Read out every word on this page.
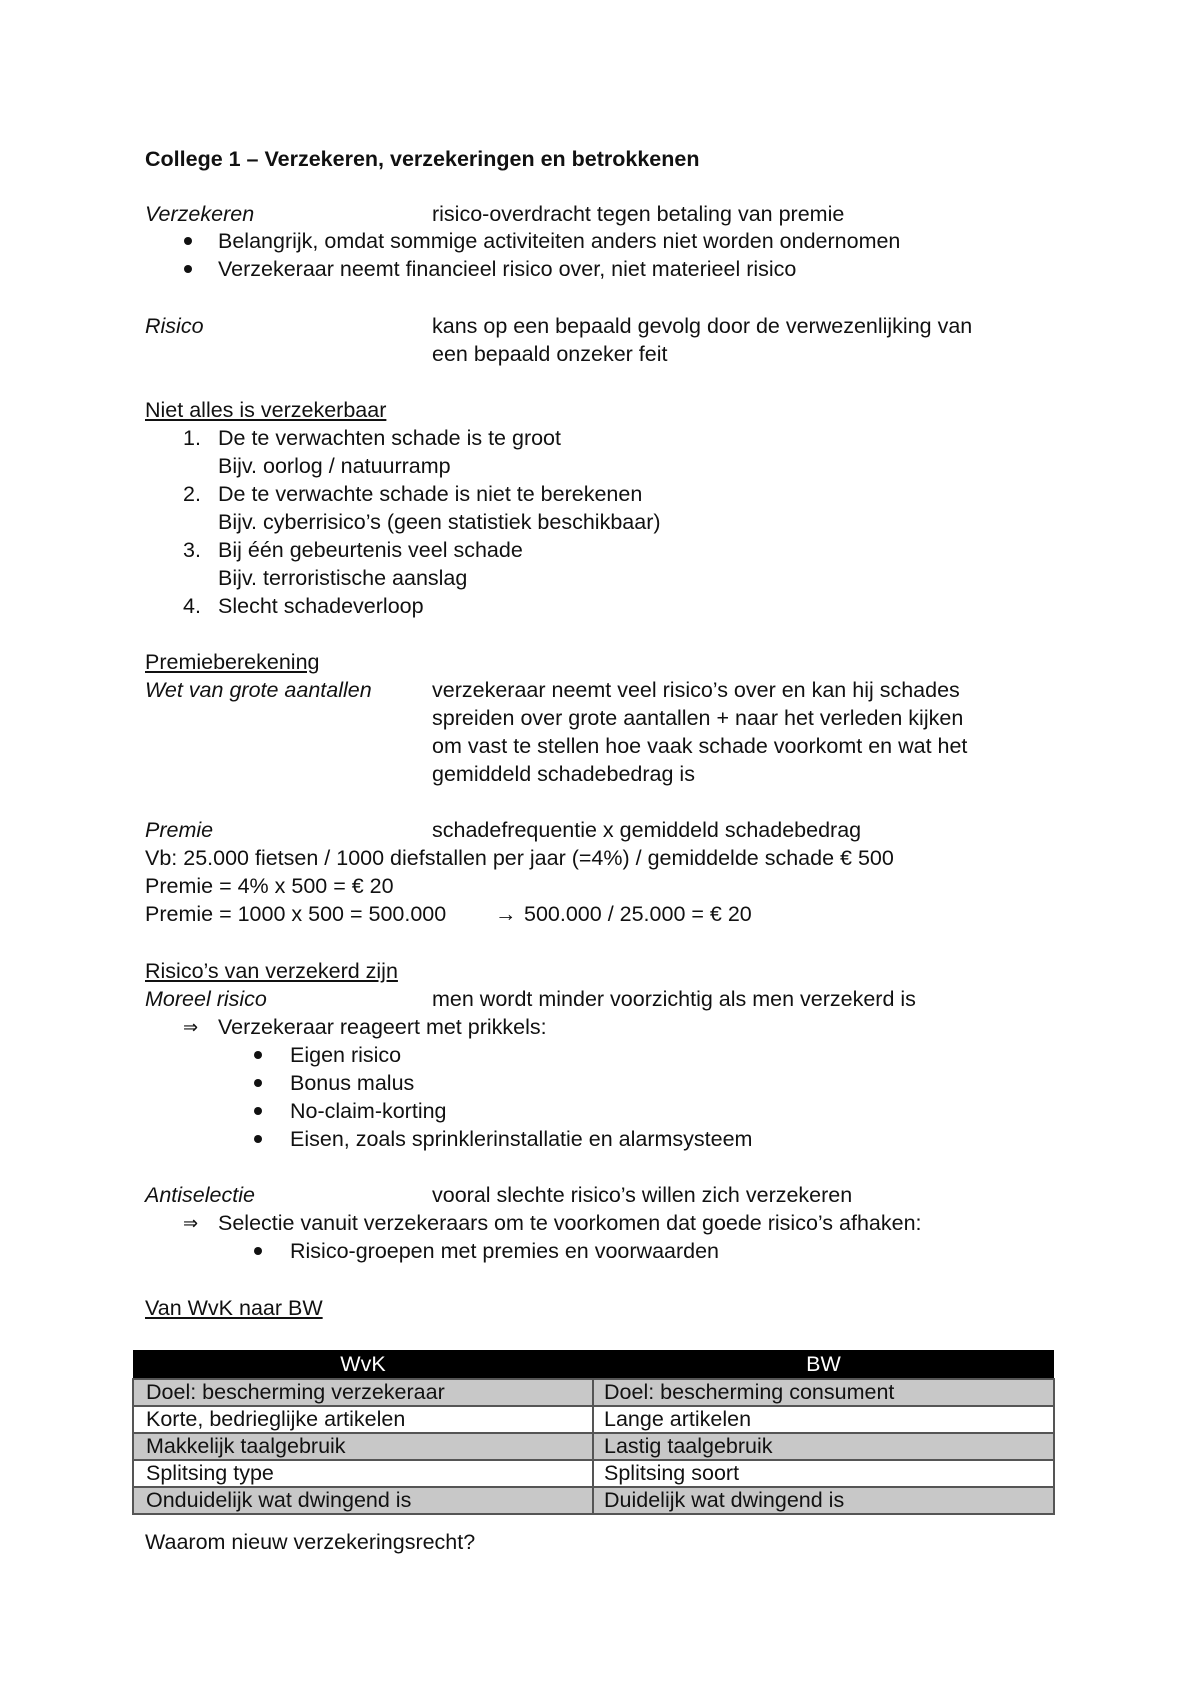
College 1 – Verzekeren, verzekeringen en betrokkenen
Verzekeren	risico-overdracht tegen betaling van premie
Belangrijk, omdat sommige activiteiten anders niet worden ondernomen
Verzekeraar neemt financieel risico over, niet materieel risico
Risico	kans op een bepaald gevolg door de verwezenlijking van
een bepaald onzeker feit
Niet alles is verzekerbaar
1. De te verwachten schade is te groot
Bijv. oorlog / natuurramp
2. De te verwachte schade is niet te berekenen
Bijv. cyberrisico’s (geen statistiek beschikbaar)
3. Bij één gebeurtenis veel schade
Bijv. terroristische aanslag
4. Slecht schadeverloop
Premieberekening
Wet van grote aantallen	verzekeraar neemt veel risico’s over en kan hij schades
spreiden over grote aantallen + naar het verleden kijken
om vast te stellen hoe vaak schade voorkomt en wat het
gemiddeld schadebedrag is
Premie	schadefrequentie x gemiddeld schadebedrag
Vb: 25.000 fietsen / 1000 diefstallen per jaar (=4%) / gemiddelde schade € 500
Premie = 4% x 500 = € 20
Premie = 1000 x 500 = 500.000 → 500.000 / 25.000 = € 20
Risico’s van verzekerd zijn
Moreel risico	men wordt minder voorzichtig als men verzekerd is
⇒ Verzekeraar reageert met prikkels:
Eigen risico
Bonus malus
No-claim-korting
Eisen, zoals sprinklerinstallatie en alarmsysteem
Antiselectie	vooral slechte risico’s willen zich verzekeren
⇒ Selectie vanuit verzekeraars om te voorkomen dat goede risico’s afhaken:
Risico-groepen met premies en voorwaarden
Van WvK naar BW
WvK	BW
Doel: bescherming verzekeraar	Doel: bescherming consument
Korte, bedrieglijke artikelen	Lange artikelen
Makkelijk taalgebruik	Lastig taalgebruik
Splitsing type	Splitsing soort
Onduidelijk wat dwingend is	Duidelijk wat dwingend is
Waarom nieuw verzekeringsrecht?
